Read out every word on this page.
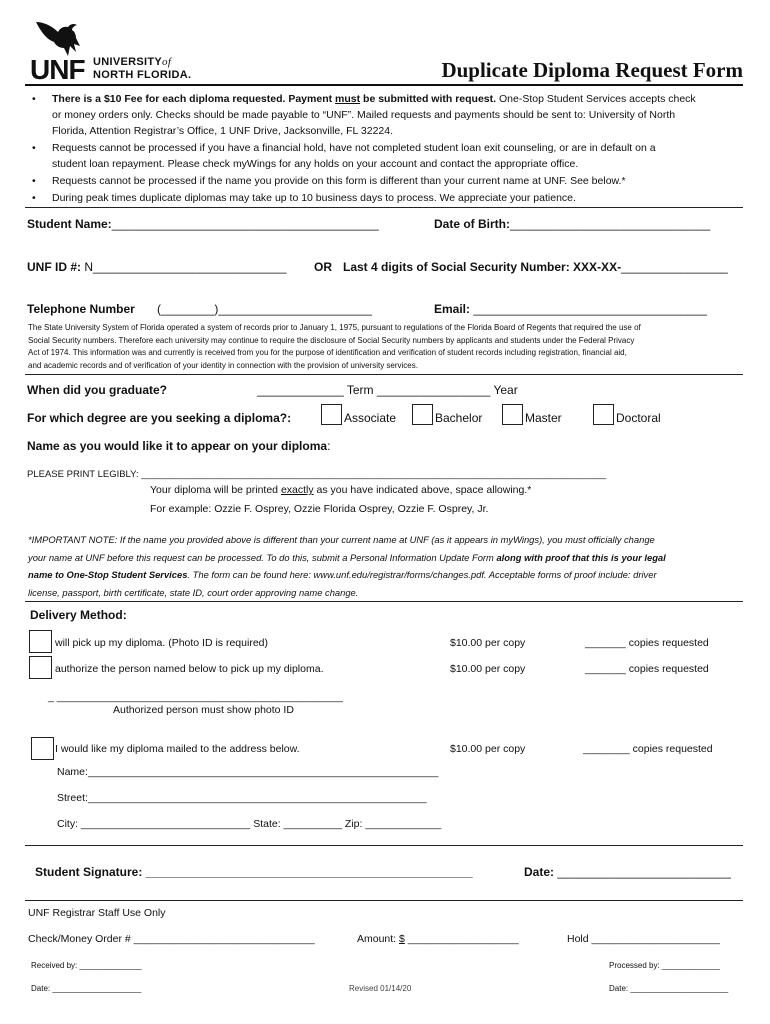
UNF UNIVERSITYof
NORTH FLORIDA.	Duplicate Diploma Request Form
• There is a $10 Fee for each diploma requested. Payment must be submitted with request. One-Stop Student Services accepts check
or money orders only. Checks should be made payable to “UNF”. Mailed requests and payments should be sent to: University of North
Florida, Attention Registrar’s Office, 1 UNF Drive, Jacksonville, FL 32224.
• Requests cannot be processed if you have a financial hold, have not completed student loan exit counseling, or are in default on a
student loan repayment. Please check myWings for any holds on your account and contact the appropriate office.
• Requests cannot be processed if the name you provide on this form is different than your current name at UNF. See below.*
• During peak times duplicate diplomas may take up to 10 business days to process. We appreciate your patience.
Student Name:________________________________________	Date of Birth:______________________________
UNF ID #: N_____________________________ OR Last 4 digits of Social Security Number: XXX-XX-________________
Telephone Number (________)_______________________	Email: ___________________________________
The State University System of Florida operated a system of records prior to January 1, 1975, pursuant to regulations of the Florida Board of Regents that required the use of
Social Security numbers. Therefore each university may continue to require the disclosure of Social Security numbers by applicants and students under the Federal Privacy
Act of 1974. This information was and currently is received from you for the purpose of identification and verification of student records including registration, financial aid,
and academic records and of verification of your identity in connection with the provision of university services.
When did you graduate?	_____________ Term _________________ Year
For which degree are you seeking a diploma?:	Associate	Bachelor	Master	Doctoral
Name as you would like it to appear on your diploma:
PLEASE PRINT LEGIBLY: ________________________________________________________________________________________
Your diploma will be printed exactly as you have indicated above, space allowing.*
For example: Ozzie F. Osprey, Ozzie Florida Osprey, Ozzie F. Osprey, Jr.
*IMPORTANT NOTE: If the name you provided above is different than your current name at UNF (as it appears in myWings), you must officially change
your name at UNF before this request can be processed. To do this, submit a Personal Information Update Form along with proof that this is your legal
name to One-Stop Student Services. The form can be found here: www.unf.edu/registrar/forms/changes.pdf. Acceptable forms of proof include: driver
license, passport, birth certificate, state ID, court order approving name change.
Delivery Method:
will pick up my diploma. (Photo ID is required)	$10.00 per copy	_______ copies requested
authorize the person named below to pick up my diploma.	$10.00 per copy	_______ copies requested
_ _________________________________________________
Authorized person must show photo ID
I would like my diploma mailed to the address below.	$10.00 per copy	________ copies requested
Name:____________________________________________________________
Street:__________________________________________________________
City: _____________________________ State: __________ Zip: _____________
Student Signature: _________________________________________________	Date: __________________________
UNF Registrar Staff Use Only
Check/Money Order # _______________________________	Amount: $ ___________________	Hold ______________________
Received by: ______________	Processed by: _____________
Date: ____________________	Revised 01/14/20	Date: ______________________
